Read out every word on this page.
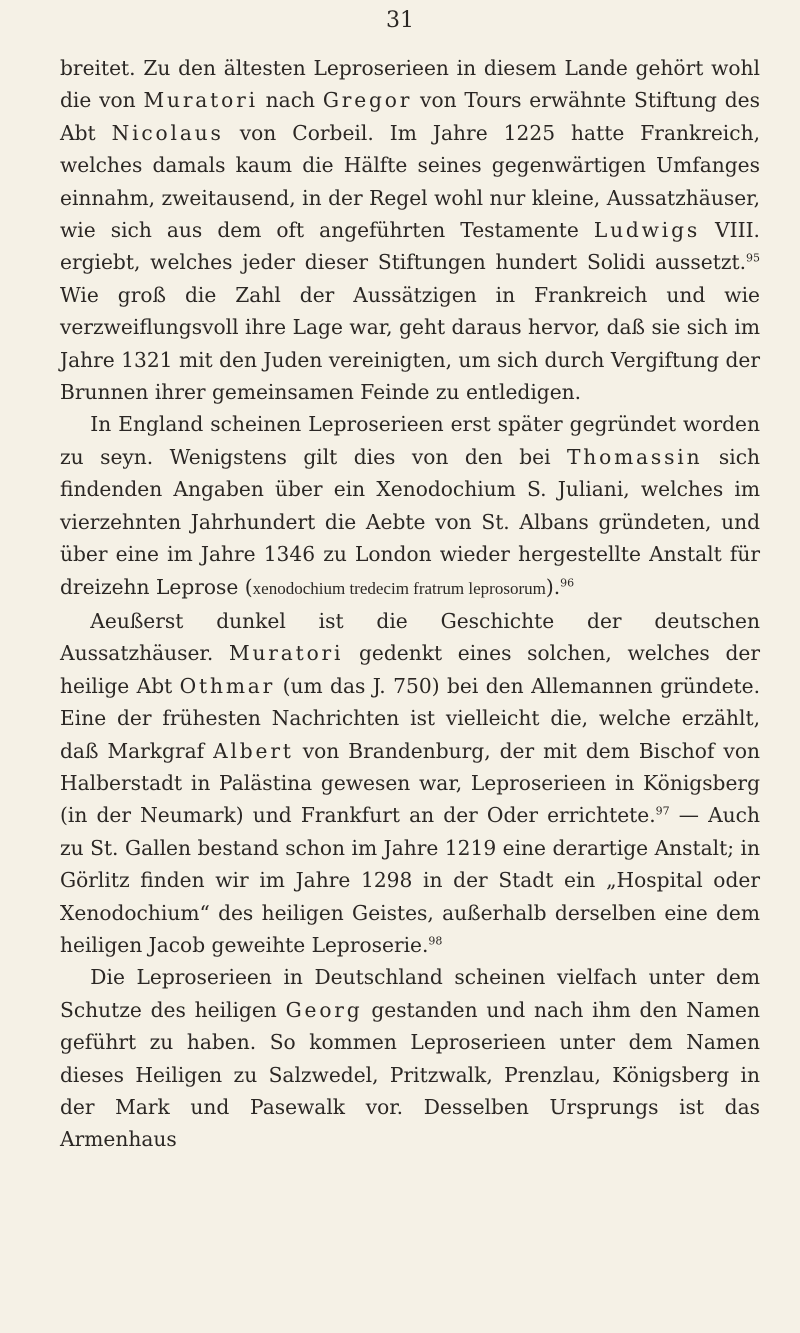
31

breitet. Zu den ältesten Leproserieen in diesem Lande gehört wohl die von Muratori nach Gregor von Tours erwähnte Stiftung des Abt Nicolaus von Corbeil. Im Jahre 1225 hatte Frankreich, welches damals kaum die Hälfte seines gegenwärtigen Umfanges einnahm, zweitausend, in der Regel wohl nur kleine, Aussatzhäuser, wie sich aus dem oft angeführten Testamente Ludwigs VIII. ergiebt, welches jeder dieser Stiftungen hundert Solidi aussetzt.$^{95}$ Wie groß die Zahl der Aussätzigen in Frankreich und wie verzweiflungsvoll ihre Lage war, geht daraus hervor, daß sie sich im Jahre 1321 mit den Juden vereinigten, um sich durch Vergiftung der Brunnen ihrer gemeinsamen Feinde zu entledigen.

In England scheinen Leproserieen erst später gegründet worden zu seyn. Wenigstens gilt dies von den bei Thomassin sich findenden Angaben über ein Xenodochium S. Juliani, welches im vierzehnten Jahrhundert die Aebte von St. Albans gründeten, und über eine im Jahre 1346 zu London wieder hergestellte Anstalt für dreizehn Leprose (xenodochium tredecim fratrum leprosorum).$^{96}$

Aeußerst dunkel ist die Geschichte der deutschen Aussatzhäuser. Muratori gedenkt eines solchen, welches der heilige Abt Othmar (um das J. 750) bei den Allemannen gründete. Eine der frühesten Nachrichten ist vielleicht die, welche erzählt, daß Markgraf Albert von Brandenburg, der mit dem Bischof von Halberstadt in Palästina gewesen war, Leproserieen in Königsberg (in der Neumark) und Frankfurt an der Oder errichtete.$^{97}$ — Auch zu St. Gallen bestand schon im Jahre 1219 eine derartige Anstalt; in Görlitz finden wir im Jahre 1298 in der Stadt ein „Hospital oder Xenodochium“ des heiligen Geistes, außerhalb derselben eine dem heiligen Jacob geweihte Leproserie.$^{98}$

Die Leproserieen in Deutschland scheinen vielfach unter dem Schutze des heiligen Georg gestanden und nach ihm den Namen geführt zu haben. So kommen Leproserieen unter dem Namen dieses Heiligen zu Salzwedel, Pritzwalk, Prenzlau, Königsberg in der Mark und Pasewalk vor. Desselben Ursprungs ist das Armenhaus
